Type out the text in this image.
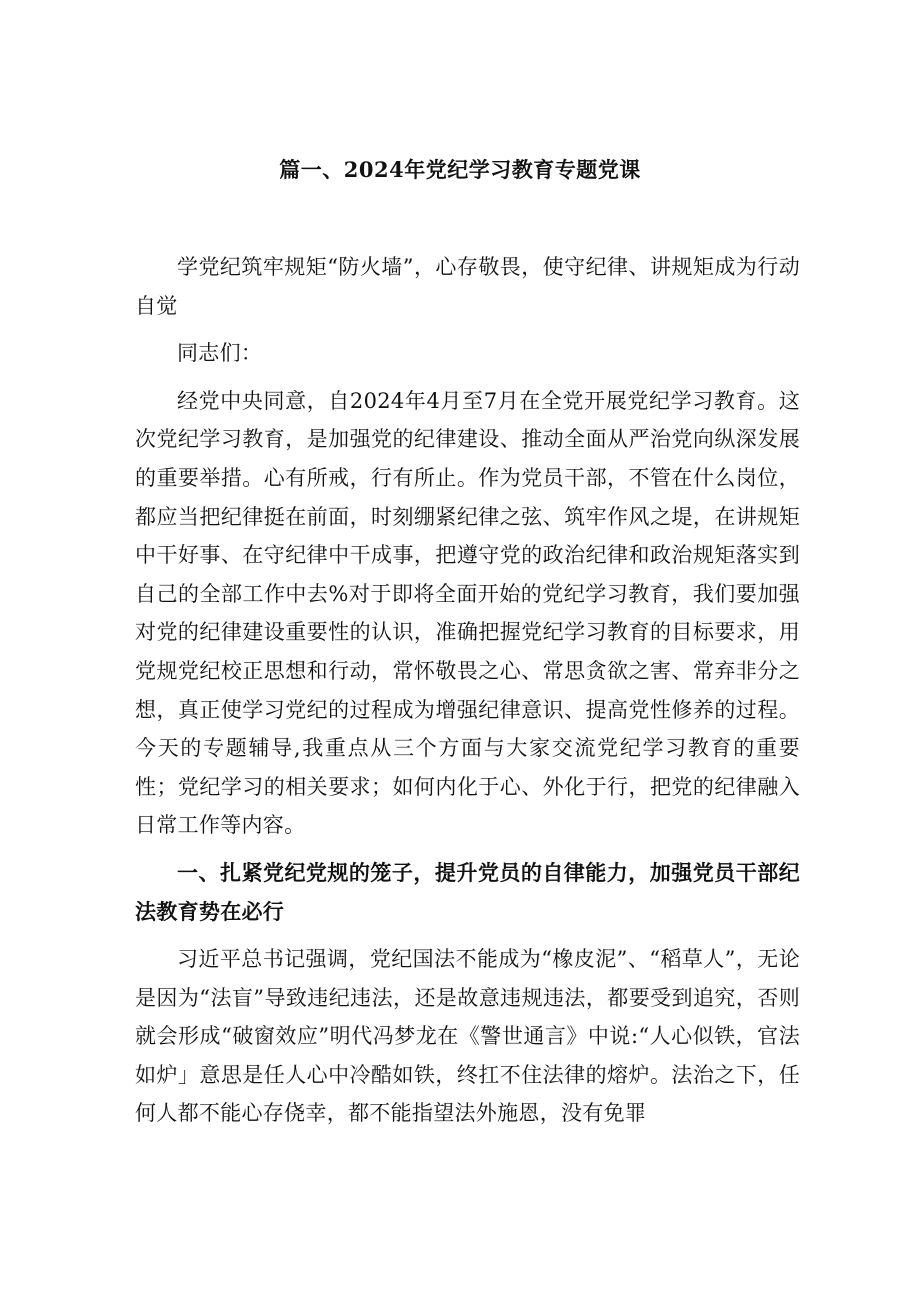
篇一、2024年党纪学习教育专题党课

学党纪筑牢规矩“防火墙”，心存敬畏，使守纪律、讲规矩成为行动自觉

同志们：

经党中央同意，自2024年4月至7月在全党开展党纪学习教育。这次党纪学习教育，是加强党的纪律建设、推动全面从严治党向纵深发展的重要举措。心有所戒，行有所止。作为党员干部，不管在什么岗位，都应当把纪律挺在前面，时刻绷紧纪律之弦、筑牢作风之堤，在讲规矩中干好事、在守纪律中干成事，把遵守党的政治纪律和政治规矩落实到自己的全部工作中去%对于即将全面开始的党纪学习教育，我们要加强对党的纪律建设重要性的认识，准确把握党纪学习教育的目标要求，用党规党纪校正思想和行动，常怀敬畏之心、常思贪欲之害、常弃非分之想，真正使学习党纪的过程成为增强纪律意识、提高党性修养的过程。今天的专题辅导,我重点从三个方面与大家交流党纪学习教育的重要性；党纪学习的相关要求；如何内化于心、外化于行，把党的纪律融入日常工作等内容。

一、扎紧党纪党规的笼子，提升党员的自律能力，加强党员干部纪法教育势在必行

习近平总书记强调，党纪国法不能成为“橡皮泥”、“稻草人”，无论是因为“法盲”导致违纪违法，还是故意违规违法，都要受到追究，否则就会形成“破窗效应”明代冯梦龙在《警世通言》中说:“人心似铁，官法如炉」意思是任人心中冷酷如铁，终扛不住法律的熔炉。法治之下，任何人都不能心存侥幸，都不能指望法外施恩，没有免罪
